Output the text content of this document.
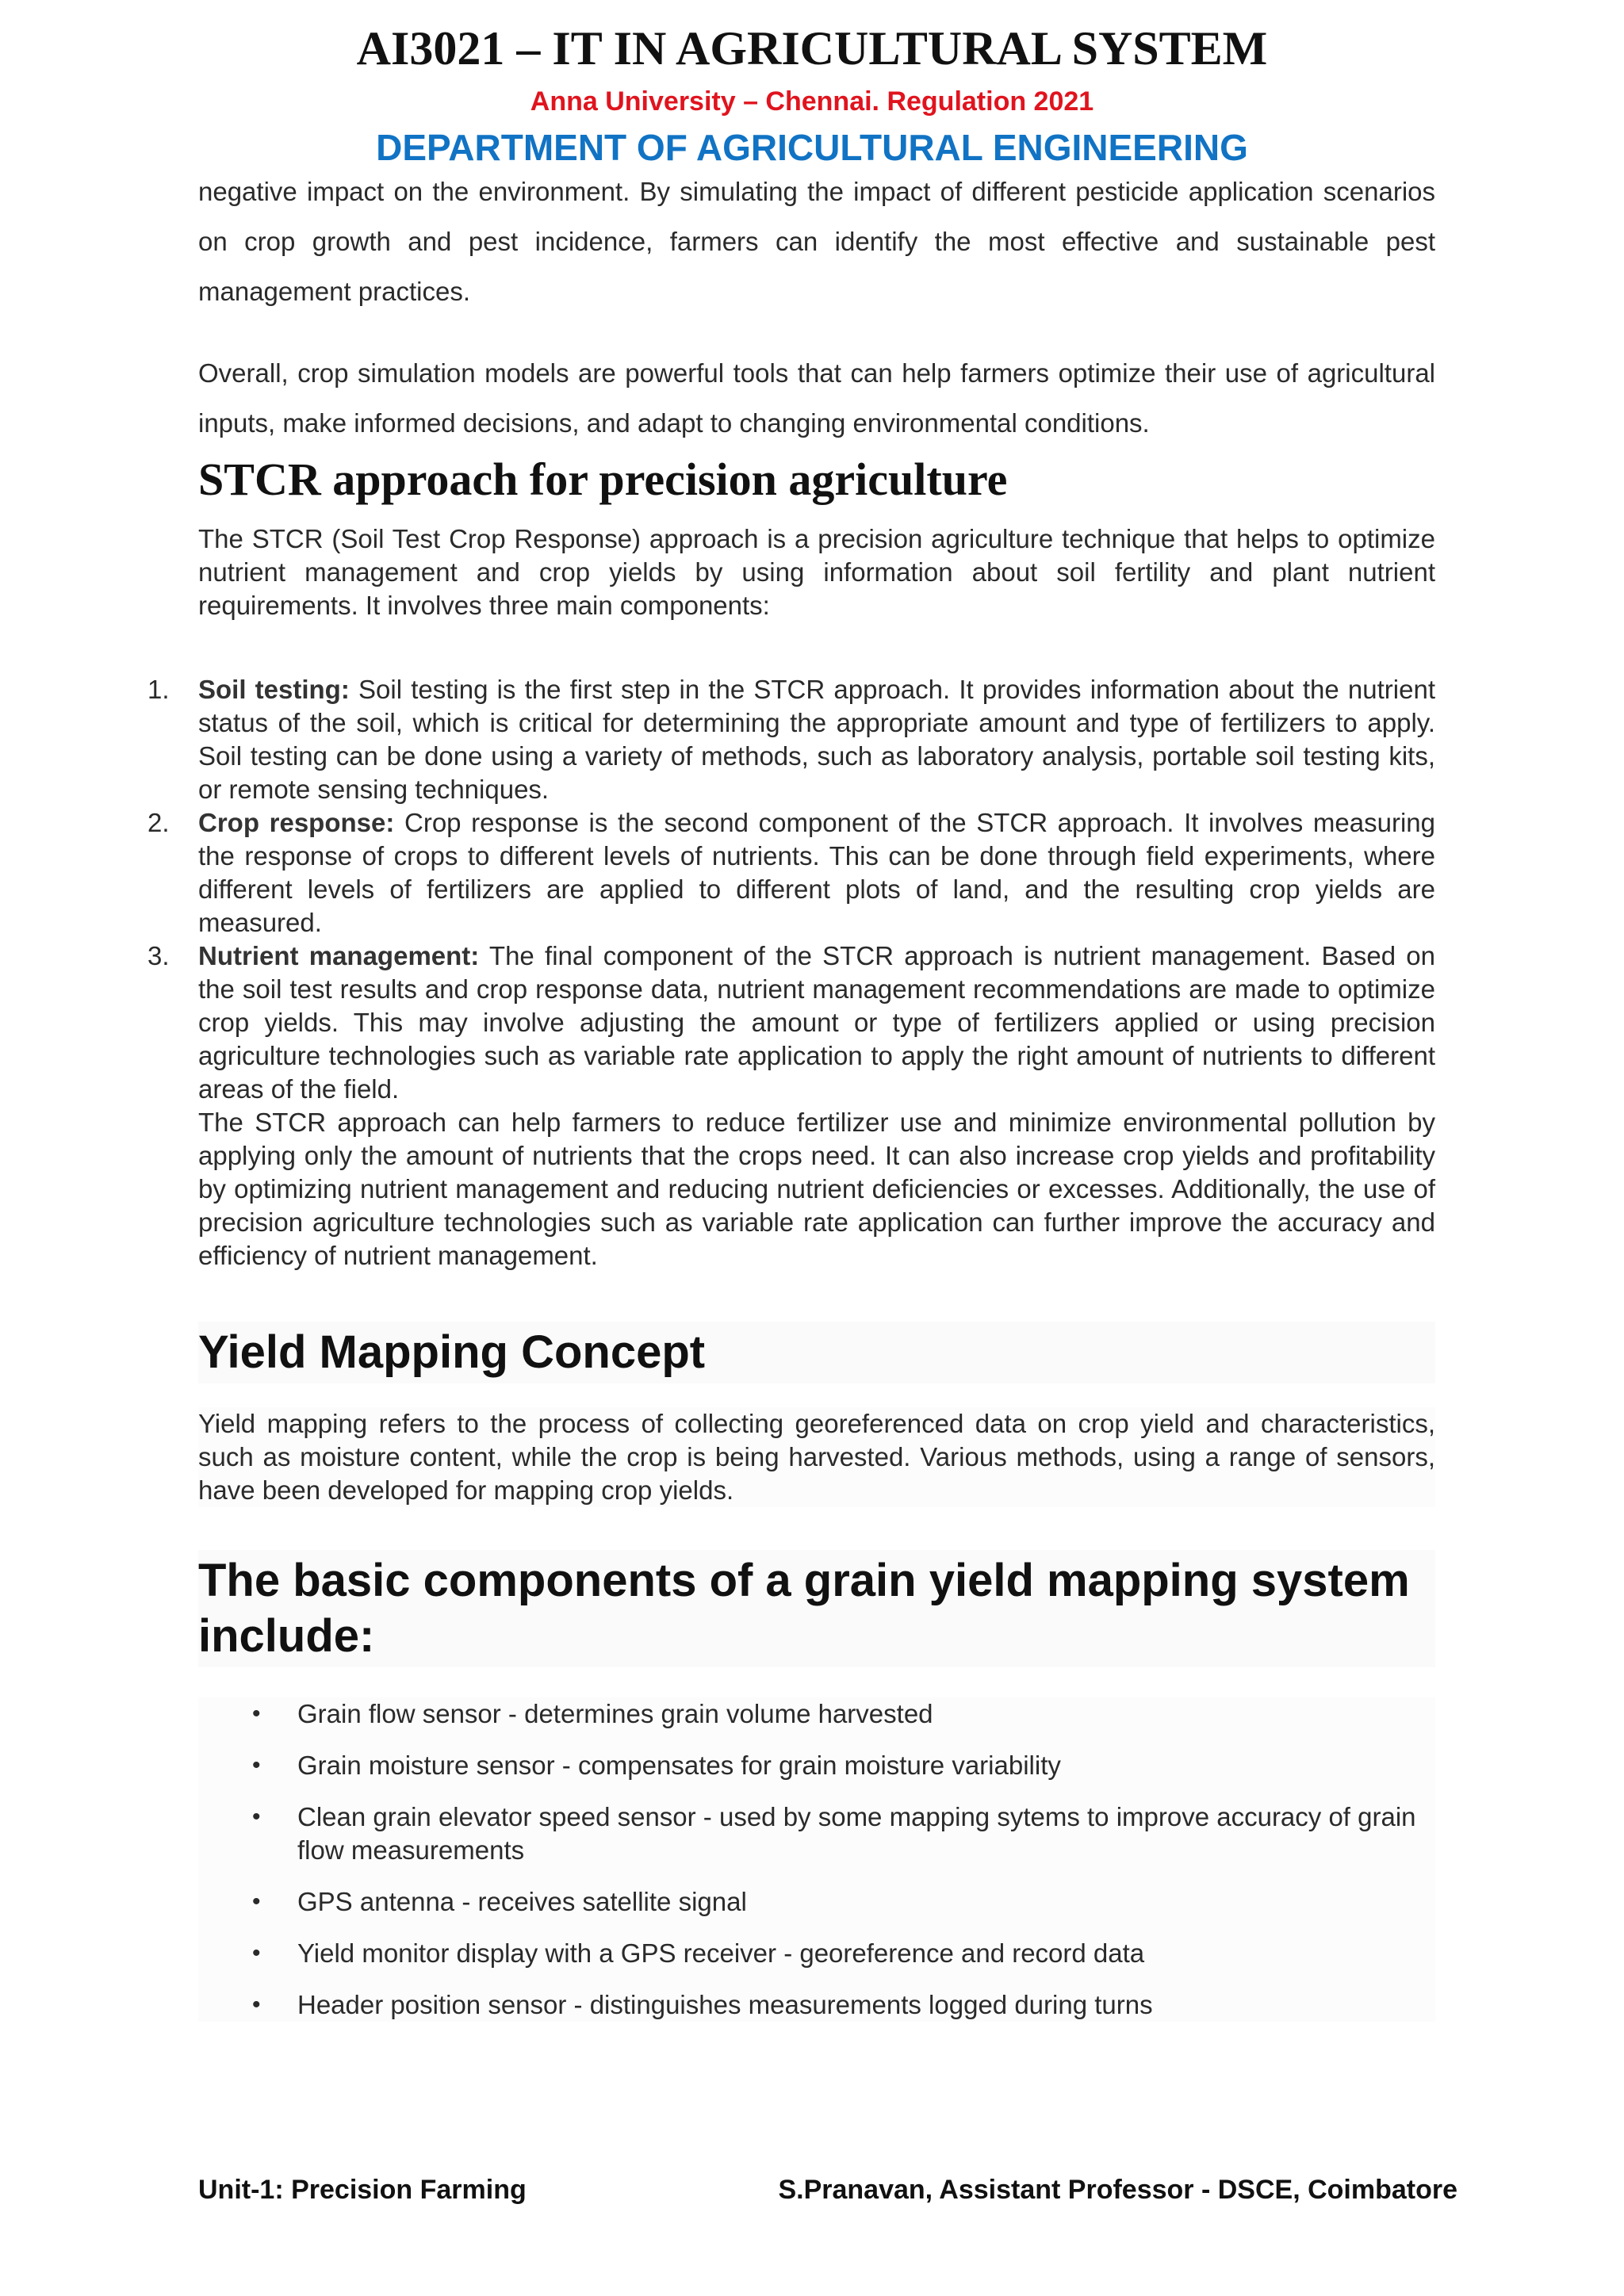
AI3021 – IT IN AGRICULTURAL SYSTEM
Anna University – Chennai. Regulation 2021
DEPARTMENT OF AGRICULTURAL ENGINEERING

negative impact on the environment. By simulating the impact of different pesticide application scenarios on crop growth and pest incidence, farmers can identify the most effective and sustainable pest management practices.

Overall, crop simulation models are powerful tools that can help farmers optimize their use of agricultural inputs, make informed decisions, and adapt to changing environmental conditions.

STCR approach for precision agriculture

The STCR (Soil Test Crop Response) approach is a precision agriculture technique that helps to optimize nutrient management and crop yields by using information about soil fertility and plant nutrient requirements. It involves three main components:

1. Soil testing: Soil testing is the first step in the STCR approach. It provides information about the nutrient status of the soil, which is critical for determining the appropriate amount and type of fertilizers to apply. Soil testing can be done using a variety of methods, such as laboratory analysis, portable soil testing kits, or remote sensing techniques.
2. Crop response: Crop response is the second component of the STCR approach. It involves measuring the response of crops to different levels of nutrients. This can be done through field experiments, where different levels of fertilizers are applied to different plots of land, and the resulting crop yields are measured.
3. Nutrient management: The final component of the STCR approach is nutrient management. Based on the soil test results and crop response data, nutrient management recommendations are made to optimize crop yields. This may involve adjusting the amount or type of fertilizers applied or using precision agriculture technologies such as variable rate application to apply the right amount of nutrients to different areas of the field.

The STCR approach can help farmers to reduce fertilizer use and minimize environmental pollution by applying only the amount of nutrients that the crops need. It can also increase crop yields and profitability by optimizing nutrient management and reducing nutrient deficiencies or excesses. Additionally, the use of precision agriculture technologies such as variable rate application can further improve the accuracy and efficiency of nutrient management.

Yield Mapping Concept

Yield mapping refers to the process of collecting georeferenced data on crop yield and characteristics, such as moisture content, while the crop is being harvested. Various methods, using a range of sensors, have been developed for mapping crop yields.

The basic components of a grain yield mapping system include:
• Grain flow sensor - determines grain volume harvested
• Grain moisture sensor - compensates for grain moisture variability
• Clean grain elevator speed sensor - used by some mapping sytems to improve accuracy of grain flow measurements
• GPS antenna - receives satellite signal
• Yield monitor display with a GPS receiver - georeference and record data
• Header position sensor - distinguishes measurements logged during turns
Unit-1: Precision Farming	S.Pranavan, Assistant Professor - DSCE, Coimbatore
